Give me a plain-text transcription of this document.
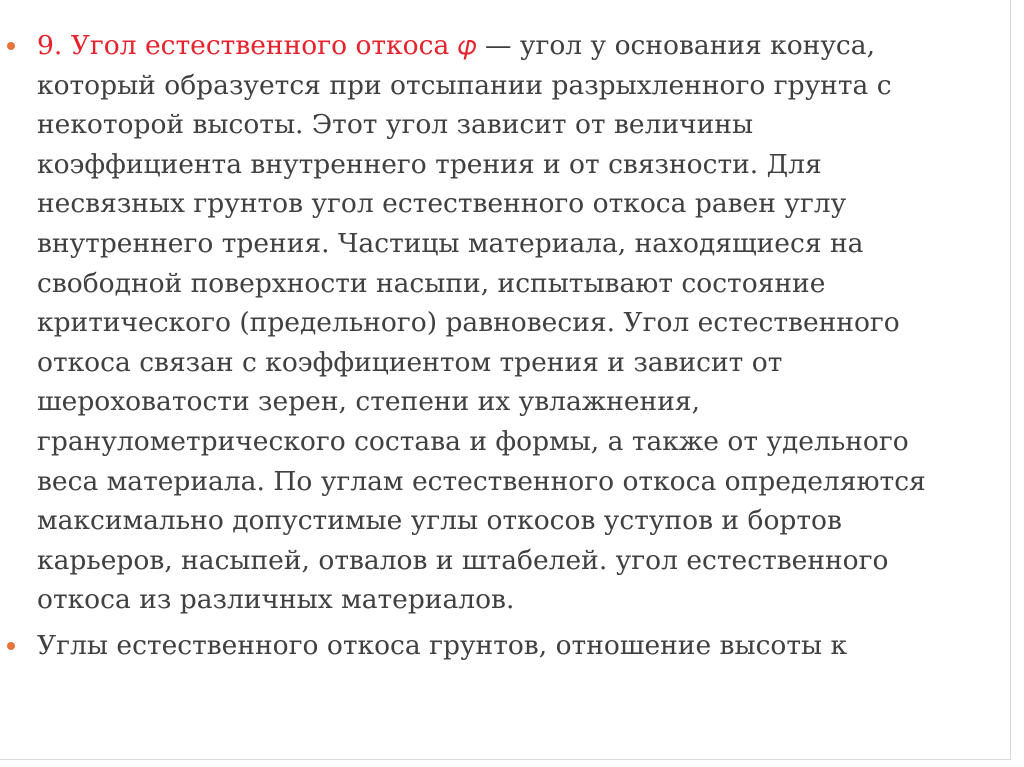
9. Угол естественного откоса 𝜑 — угол у основания конуса,
который образуется при отсыпании разрыхленного грунта с
некоторой высоты. Этот угол зависит от величины
коэффициента внутреннего трения и от связности. Для
несвязных грунтов угол естественного откоса равен углу
внутреннего трения. Частицы материала, находящиеся на
свободной поверхности насыпи, испытывают состояние
критического (предельного) равновесия. Угол естественного
откоса связан с коэффициентом трения и зависит от
шероховатости зерен, степени их увлажнения,
гранулометрического состава и формы, а также от удельного
веса материала. По углам естественного откоса определяются
максимально допустимые углы откосов уступов и бортов
карьеров, насыпей, отвалов и штабелей. угол естественного
откоса из различных материалов.
Углы естественного откоса грунтов, отношение высоты к
